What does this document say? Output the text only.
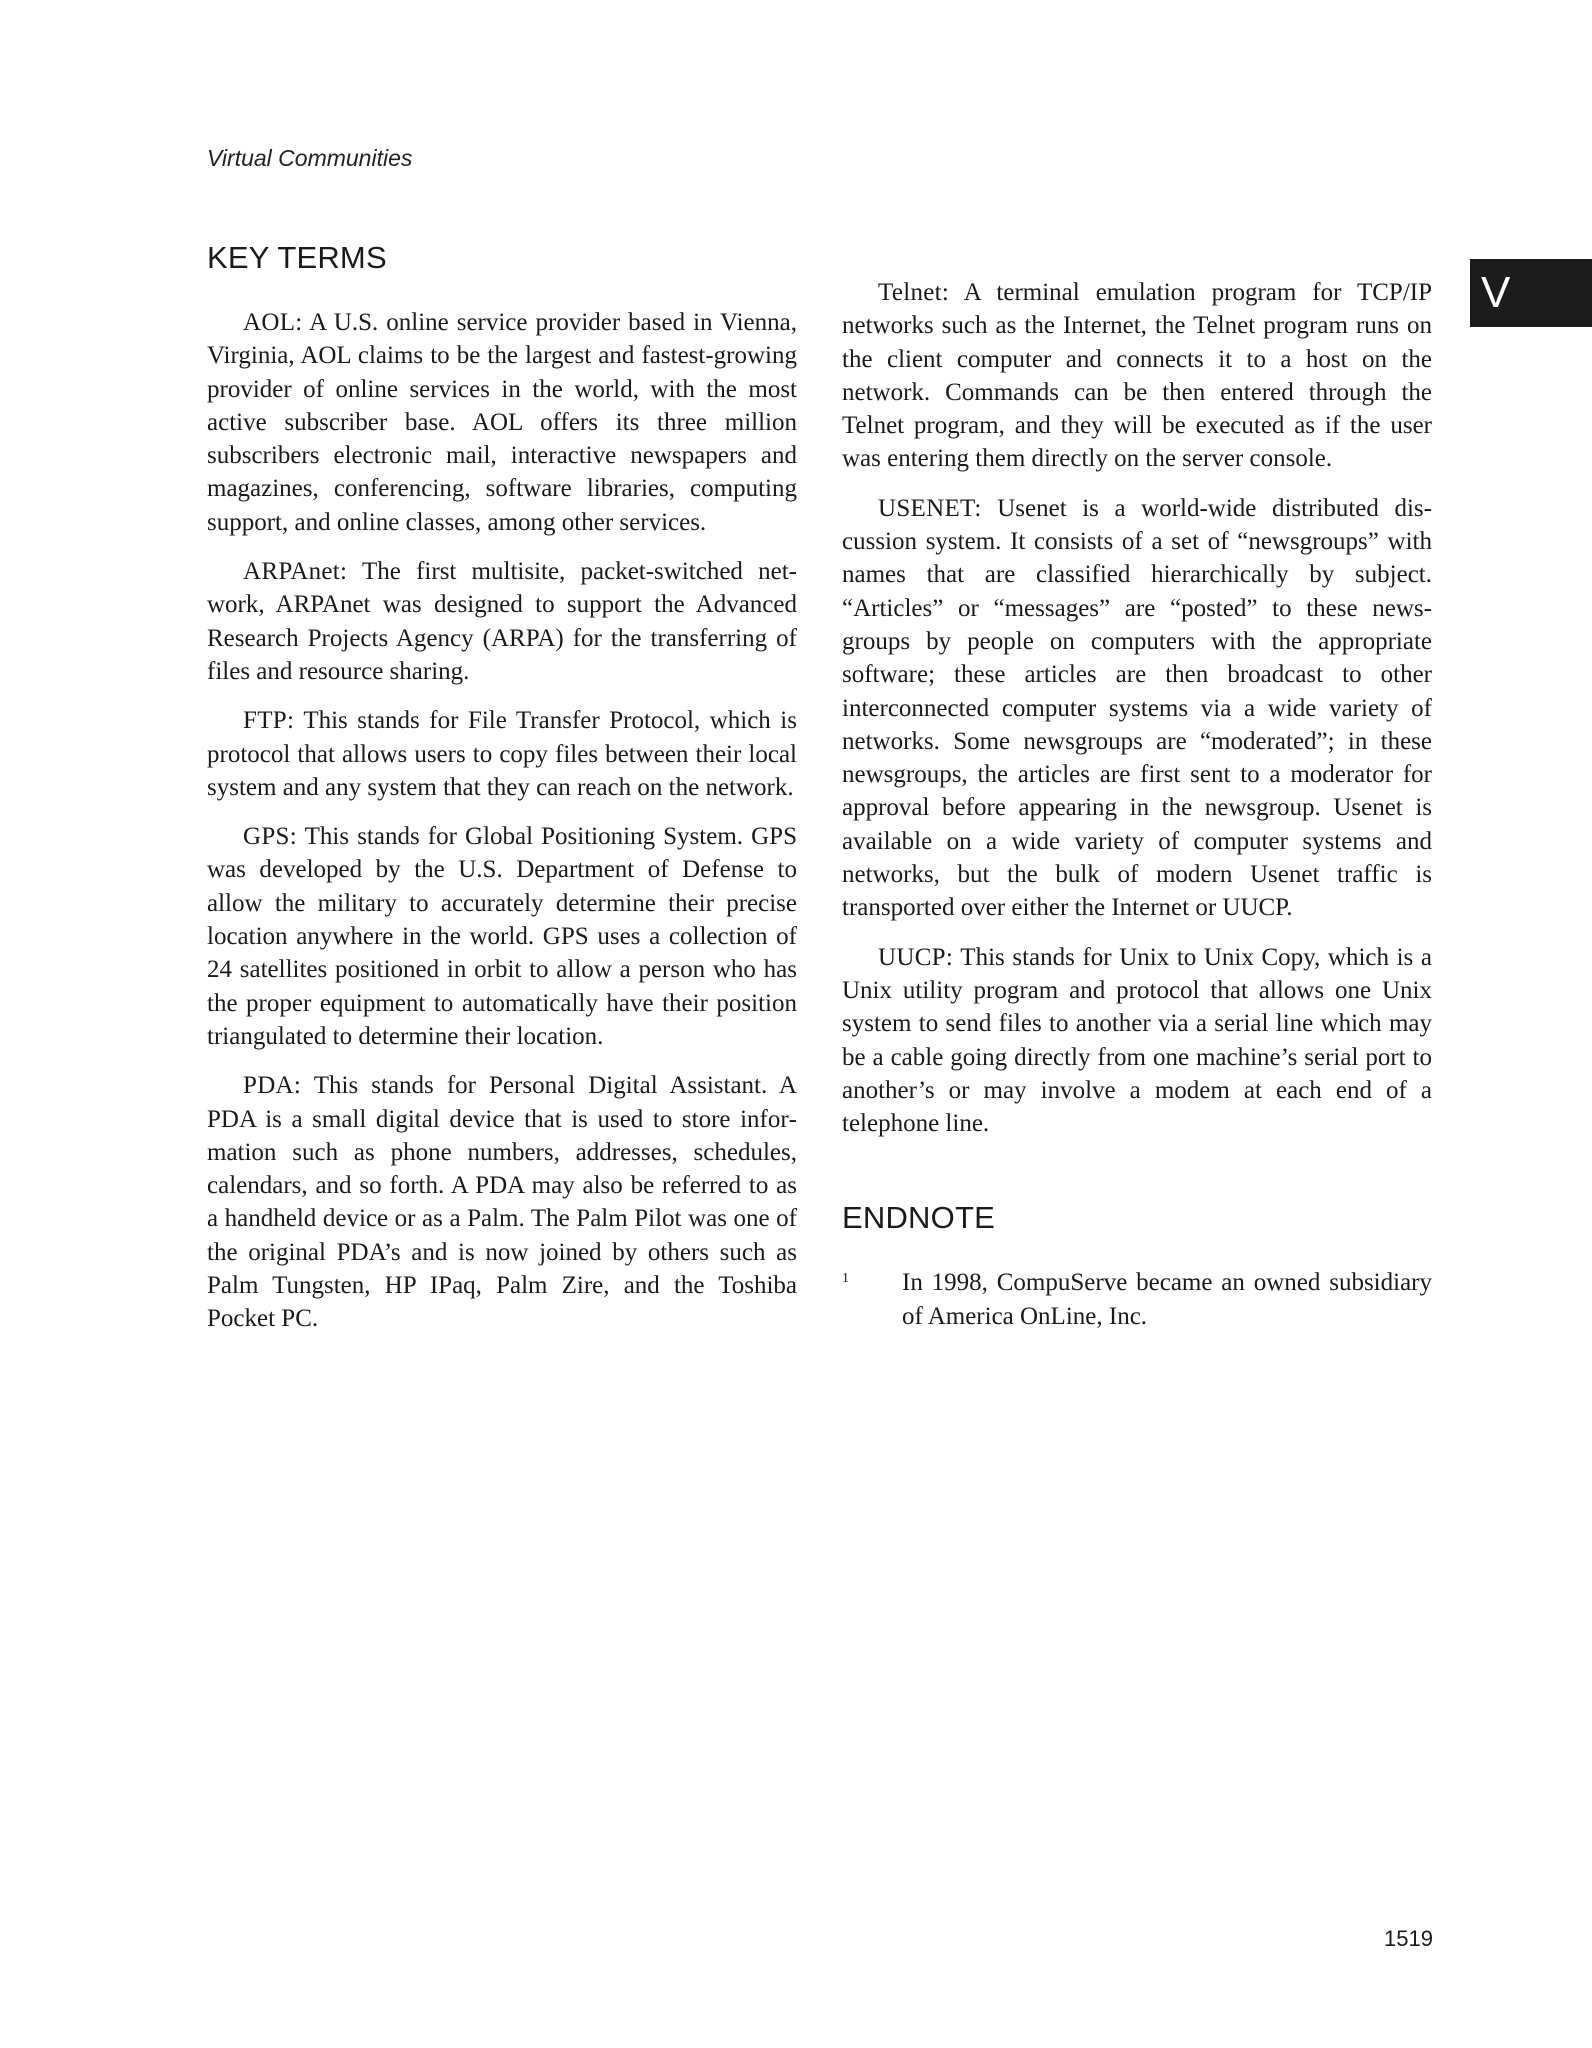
Virtual Communities
V
KEY TERMS

AOL: A U.S. online service provider based in Vienna, Virginia, AOL claims to be the largest and fastest-growing provider of online services in the world, with the most active subscriber base. AOL offers its three million subscribers electronic mail, interactive newspapers and magazines, conferencing, software libraries, computing support, and online classes, among other services.

ARPAnet: The first multisite, packet-switched network, ARPAnet was designed to support the Advanced Research Projects Agency (ARPA) for the transferring of files and resource sharing.

FTP: This stands for File Transfer Protocol, which is protocol that allows users to copy files between their local system and any system that they can reach on the network.

GPS: This stands for Global Positioning System. GPS was developed by the U.S. Department of Defense to allow the military to accurately determine their precise location anywhere in the world. GPS uses a collection of 24 satellites positioned in orbit to allow a person who has the proper equipment to automatically have their position triangulated to determine their location.

PDA: This stands for Personal Digital Assistant. A PDA is a small digital device that is used to store information such as phone numbers, addresses, schedules, calendars, and so forth. A PDA may also be referred to as a handheld device or as a Palm. The Palm Pilot was one of the original PDA’s and is now joined by others such as Palm Tungsten, HP IPaq, Palm Zire, and the Toshiba Pocket PC.

Telnet: A terminal emulation program for TCP/IP networks such as the Internet, the Telnet program runs on the client computer and connects it to a host on the network. Commands can be then entered through the Telnet program, and they will be executed as if the user was entering them directly on the server console.

USENET: Usenet is a world-wide distributed discussion system. It consists of a set of “newsgroups” with names that are classified hierarchically by subject. “Articles” or “messages” are “posted” to these newsgroups by people on computers with the appropriate software; these articles are then broadcast to other interconnected computer systems via a wide variety of networks. Some newsgroups are “moderated”; in these newsgroups, the articles are first sent to a moderator for approval before appearing in the newsgroup. Usenet is available on a wide variety of computer systems and networks, but the bulk of modern Usenet traffic is transported over either the Internet or UUCP.

UUCP: This stands for Unix to Unix Copy, which is a Unix utility program and protocol that allows one Unix system to send files to another via a serial line which may be a cable going directly from one machine’s serial port to another’s or may involve a modem at each end of a telephone line.

ENDNOTE
1 In 1998, CompuServe became an owned subsidiary of America OnLine, Inc.
1519
